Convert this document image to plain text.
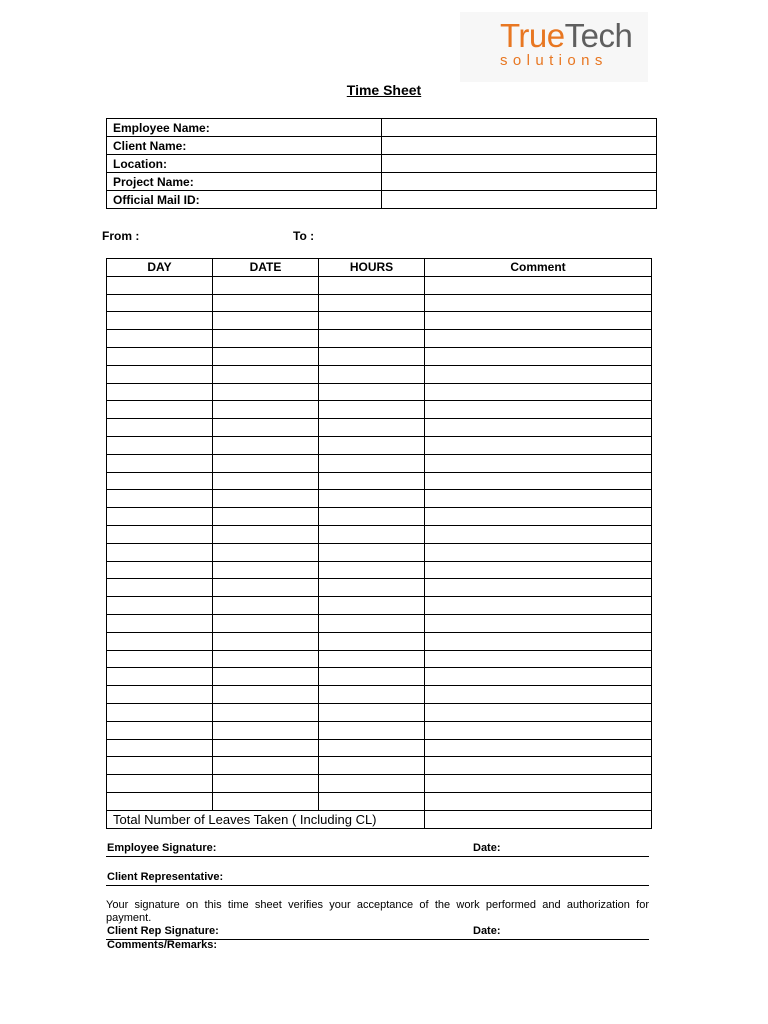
TrueTech
solutions
Time Sheet
Employee Name:	
Client Name:	
Location:	
Project Name:	
Official Mail ID:	
From :	To :
DAY	DATE	HOURS	Comment

Total Number of Leaves Taken ( Including CL)			
Employee Signature:	Date:
Client Representative:
Your signature on this time sheet verifies your acceptance of the work performed and authorization for payment.
Client Rep Signature:	Date:
Comments/Remarks:
